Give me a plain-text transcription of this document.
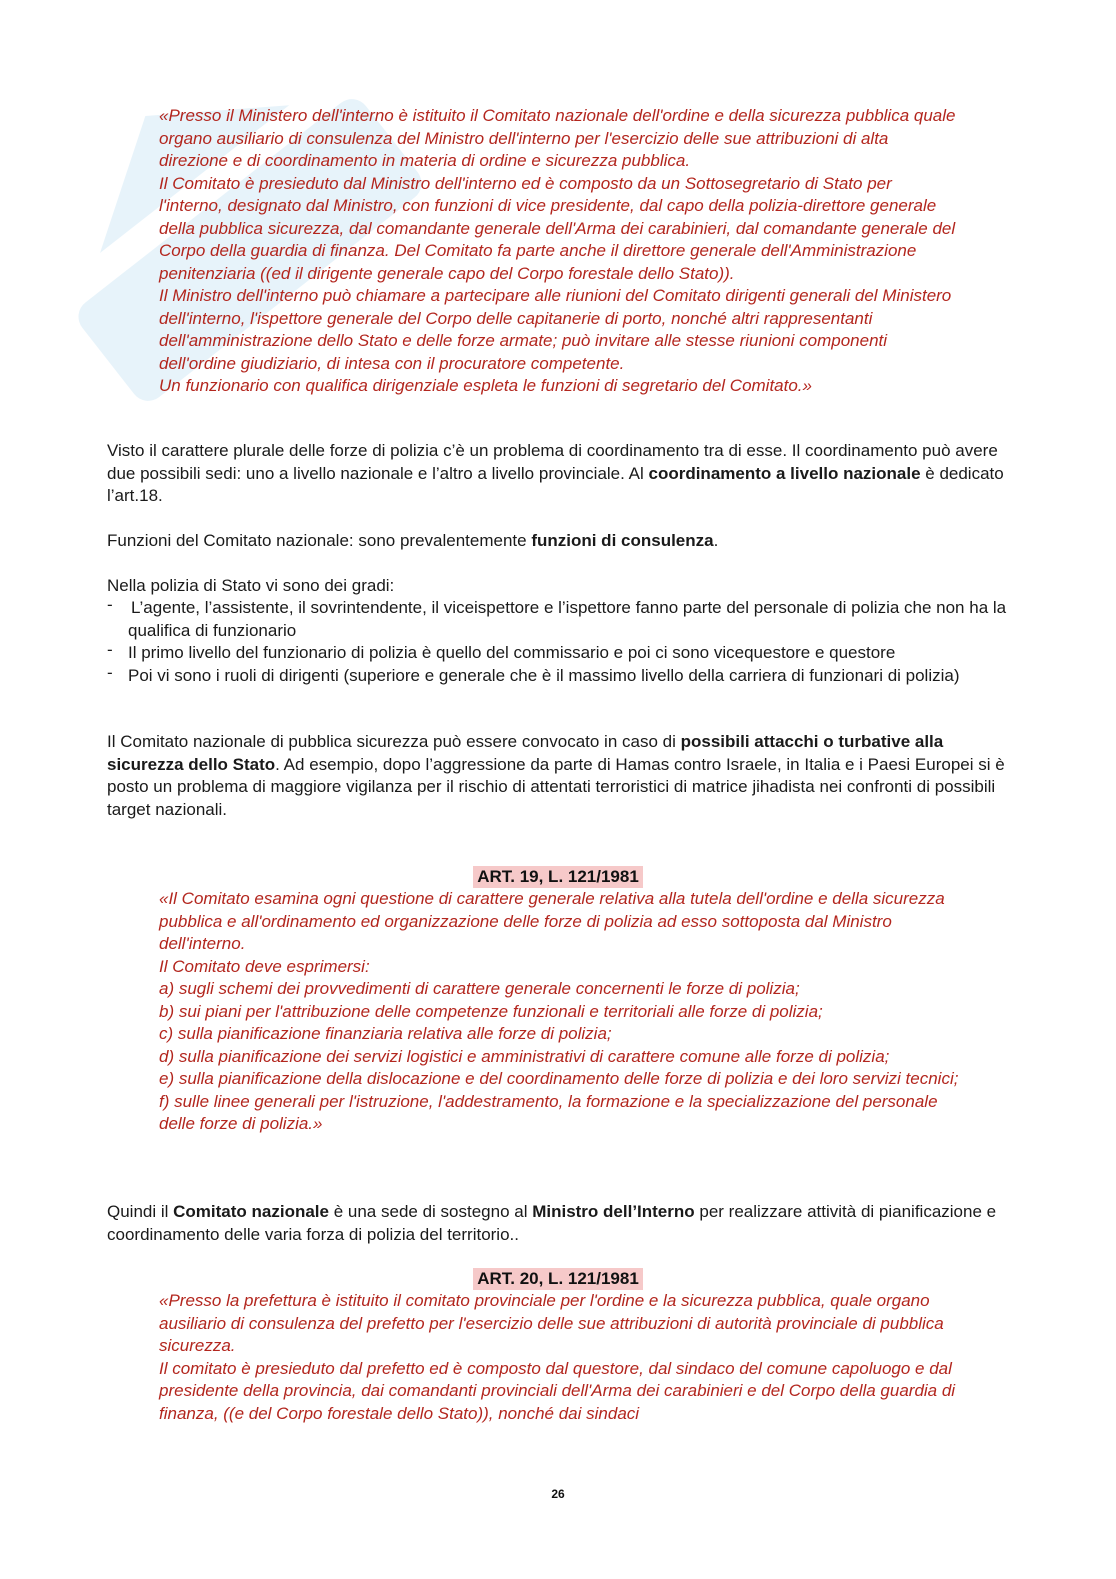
«Presso il Ministero dell'interno è istituito il Comitato nazionale dell'ordine e della sicurezza pubblica quale organo ausiliario di consulenza del Ministro dell'interno per l'esercizio delle sue attribuzioni di alta direzione e di coordinamento in materia di ordine e sicurezza pubblica.

Il Comitato è presieduto dal Ministro dell'interno ed è composto da un Sottosegretario di Stato per l'interno, designato dal Ministro, con funzioni di vice presidente, dal capo della polizia-direttore generale della pubblica sicurezza, dal comandante generale dell'Arma dei carabinieri, dal comandante generale del Corpo della guardia di finanza. Del Comitato fa parte anche il direttore generale dell'Amministrazione penitenziaria ((ed il dirigente generale capo del Corpo forestale dello Stato)).

Il Ministro dell'interno può chiamare a partecipare alle riunioni del Comitato dirigenti generali del Ministero dell'interno, l'ispettore generale del Corpo delle capitanerie di porto, nonché altri rappresentanti dell'amministrazione dello Stato e delle forze armate; può invitare alle stesse riunioni componenti dell'ordine giudiziario, di intesa con il procuratore competente.

Un funzionario con qualifica dirigenziale espleta le funzioni di segretario del Comitato.»

Visto il carattere plurale delle forze di polizia c’è un problema di coordinamento tra di esse. Il coordinamento può avere due possibili sedi: uno a livello nazionale e l’altro a livello provinciale. Al coordinamento a livello nazionale è dedicato l’art.18.

Funzioni del Comitato nazionale: sono prevalentemente funzioni di consulenza.

Nella polizia di Stato vi sono dei gradi:

- L’agente, l’assistente, il sovrintendente, il viceispettore e l’ispettore fanno parte del personale di polizia che non ha la qualifica di funzionario
- Il primo livello del funzionario di polizia è quello del commissario e poi ci sono vicequestore e questore
- Poi vi sono i ruoli di dirigenti (superiore e generale che è il massimo livello della carriera di funzionari di polizia)

Il Comitato nazionale di pubblica sicurezza può essere convocato in caso di possibili attacchi o turbative alla sicurezza dello Stato. Ad esempio, dopo l’aggressione da parte di Hamas contro Israele, in Italia e i Paesi Europei si è posto un problema di maggiore vigilanza per il rischio di attentati terroristici di matrice jihadista nei confronti di possibili target nazionali.

ART. 19, L. 121/1981

«Il Comitato esamina ogni questione di carattere generale relativa alla tutela dell'ordine e della sicurezza pubblica e all'ordinamento ed organizzazione delle forze di polizia ad esso sottoposta dal Ministro dell'interno.

Il Comitato deve esprimersi:

a) sugli schemi dei provvedimenti di carattere generale concernenti le forze di polizia;

b) sui piani per l'attribuzione delle competenze funzionali e territoriali alle forze di polizia;

c) sulla pianificazione finanziaria relativa alle forze di polizia;

d) sulla pianificazione dei servizi logistici e amministrativi di carattere comune alle forze di polizia;

e) sulla pianificazione della dislocazione e del coordinamento delle forze di polizia e dei loro servizi tecnici;

f) sulle linee generali per l'istruzione, l'addestramento, la formazione e la specializzazione del personale delle forze di polizia.»

Quindi il Comitato nazionale è una sede di sostegno al Ministro dell’Interno per realizzare attività di pianificazione e coordinamento delle varia forza di polizia del territorio..

ART. 20, L. 121/1981

«Presso la prefettura è istituito il comitato provinciale per l'ordine e la sicurezza pubblica, quale organo ausiliario di consulenza del prefetto per l'esercizio delle sue attribuzioni di autorità provinciale di pubblica sicurezza.

Il comitato è presieduto dal prefetto ed è composto dal questore, dal sindaco del comune capoluogo e dal presidente della provincia, dai comandanti provinciali dell'Arma dei carabinieri e del Corpo della guardia di finanza, ((e del Corpo forestale dello Stato)), nonché dai sindaci

26
